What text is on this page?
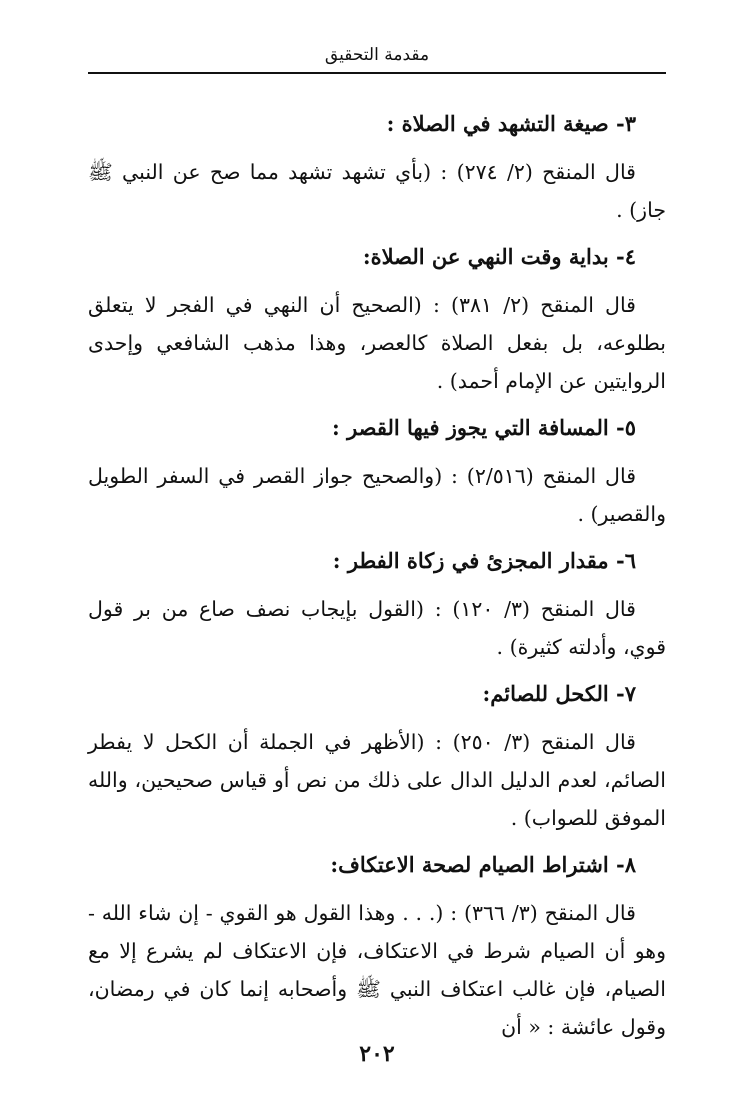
مقدمة التحقيق
٣- صيغة التشهد في الصلاة :
قال المنقح (٢/ ٢٧٤) : (بأي تشهد تشهد مما صح عن النبي ﷺ جاز) .
٤- بداية وقت النهي عن الصلاة:
قال المنقح (٢/ ٣٨١) : (الصحيح أن النهي في الفجر لا يتعلق بطلوعه، بل بفعل الصلاة كالعصر، وهذا مذهب الشافعي وإحدى الروايتين عن الإمام أحمد) .
٥- المسافة التي يجوز فيها القصر :
قال المنقح (٢/٥١٦) : (والصحيح جواز القصر في السفر الطويل والقصير) .
٦- مقدار المجزئ في زكاة الفطر :
قال المنقح (٣/ ١٢٠) : (القول بإيجاب نصف صاع من بر قول قوي، وأدلته كثيرة) .
٧- الكحل للصائم:
قال المنقح (٣/ ٢٥٠) : (الأظهر في الجملة أن الكحل لا يفطر الصائم، لعدم الدليل الدال على ذلك من نص أو قياس صحيحين، والله الموفق للصواب) .
٨- اشتراط الصيام لصحة الاعتكاف:
قال المنقح (٣/ ٣٦٦) : (. . . وهذا القول هو القوي - إن شاء الله - وهو أن الصيام شرط في الاعتكاف، فإن الاعتكاف لم يشرع إلا مع الصيام، فإن غالب اعتكاف النبي ﷺ وأصحابه إنما كان في رمضان، وقول عائشة : « أن
٢٠٢
